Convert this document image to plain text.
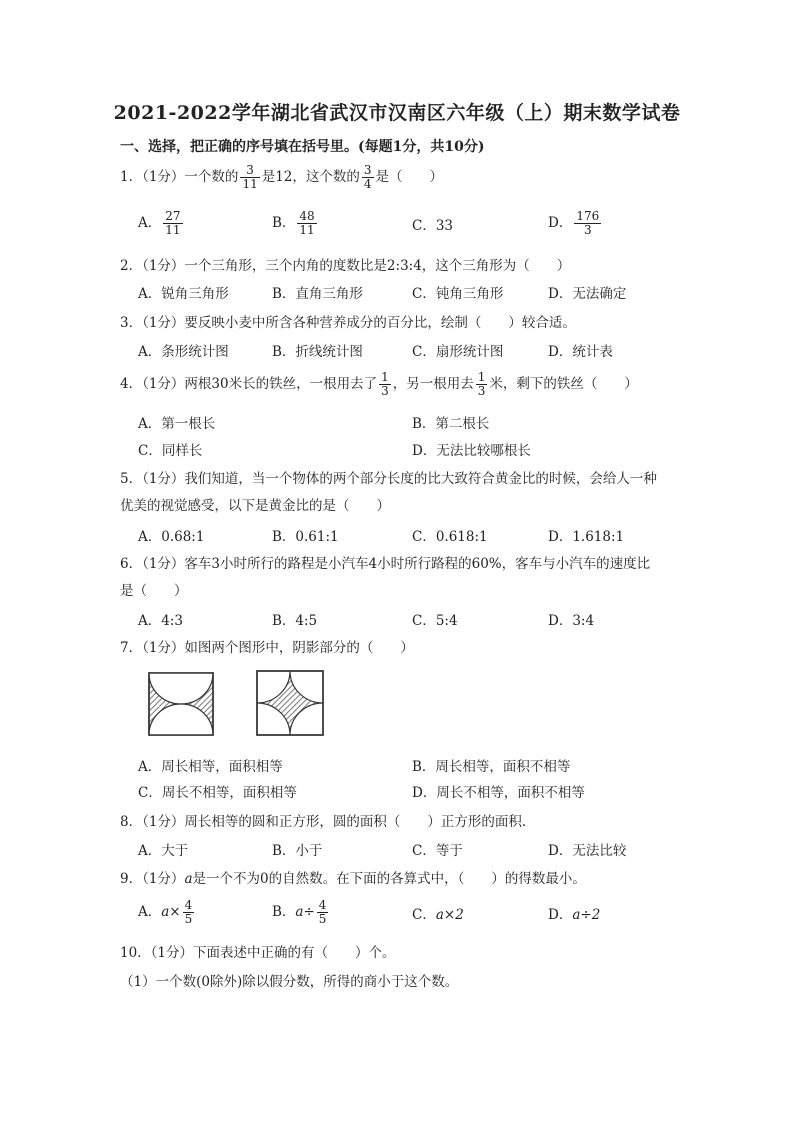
2021-2022学年湖北省武汉市汉南区六年级（上）期末数学试卷
一、选择，把正确的序号填在括号里。(每题1分，共10分)
1．（1分）一个数的 $\frac{3}{11}$ 是12，这个数的 $\frac{3}{4}$ 是（　　）
A． $\frac{27}{11}$	B． $\frac{48}{11}$	C．33	D． $\frac{176}{3}$
2．（1分）一个三角形，三个内角的度数比是2:3:4，这个三角形为（　　）
A．锐角三角形	B．直角三角形	C．钝角三角形	D．无法确定
3．（1分）要反映小麦中所含各种营养成分的百分比，绘制（　　）较合适。
A．条形统计图	B．折线统计图	C．扇形统计图	D．统计表
4．（1分）两根30米长的铁丝，一根用去了 $\frac{1}{3}$ ，另一根用去 $\frac{1}{3}$ 米，剩下的铁丝（　　）
A．第一根长	B．第二根长
C．同样长	D．无法比较哪根长
5．（1分）我们知道，当一个物体的两个部分长度的比大致符合黄金比的时候，会给人一种
优美的视觉感受，以下是黄金比的是（　　）
A．0.68:1	B．0.61:1	C．0.618:1	D．1.618:1
6．（1分）客车3小时所行的路程是小汽车4小时所行路程的60%，客车与小汽车的速度比
是（　　）
A．4:3	B．4:5	C．5:4	D．3:4
7．（1分）如图两个图形中，阴影部分的（　　）
A．周长相等，面积相等	B．周长相等，面积不相等
C．周长不相等，面积相等	D．周长不相等，面积不相等
8．（1分）周长相等的圆和正方形，圆的面积（　　）正方形的面积.
A．大于	B．小于	C．等于	D．无法比较
9．（1分）a是一个不为0的自然数。在下面的各算式中，（　　）的得数最小。
A．$a\times \frac{4}{5}$	B．$a\div \frac{4}{5}$	C．a×2	D．a÷2
10．（1分）下面表述中正确的有（　　）个。
（1）一个数(0除外)除以假分数，所得的商小于这个数。
